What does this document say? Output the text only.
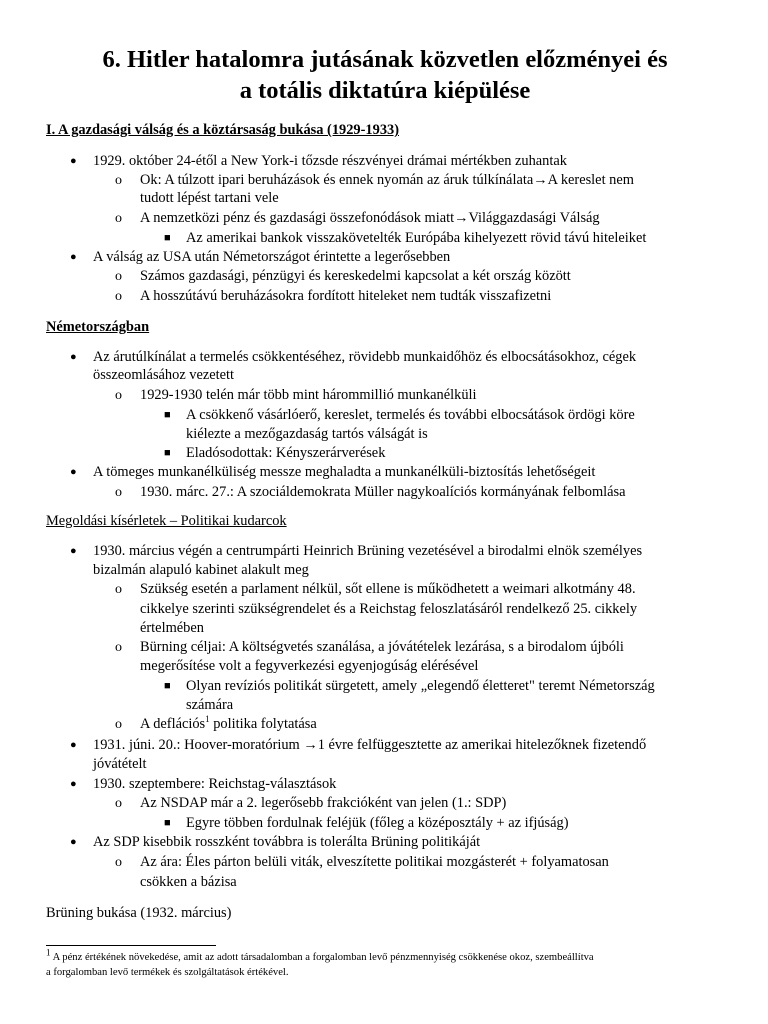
6. Hitler hatalomra jutásának közvetlen előzményei és
a totális diktatúra kiépülése
I. A gazdasági válság és a köztársaság bukása (1929-1933)
● 1929. október 24-étől a New York-i tőzsde részvényei drámai mértékben zuhantak
o Ok: A túlzott ipari beruházások és ennek nyomán az áruk túlkínálata→A kereslet nem
tudott lépést tartani vele
o A nemzetközi pénz és gazdasági összefonódások miatt→Világgazdasági Válság
■ Az amerikai bankok visszakövetelték Európába kihelyezett rövid távú hiteleiket
● A válság az USA után Németországot érintette a legerősebben
o Számos gazdasági, pénzügyi és kereskedelmi kapcsolat a két ország között
o A hosszútávú beruházásokra fordított hiteleket nem tudták visszafizetni
Németországban
● Az árutúlkínálat a termelés csökkentéséhez, rövidebb munkaidőhöz és elbocsátásokhoz, cégek
összeomlásához vezetett
o 1929-1930 telén már több mint hárommillió munkanélküli
■ A csökkenő vásárlóerő, kereslet, termelés és további elbocsátások ördögi köre
kiélezte a mezőgazdaság tartós válságát is
■ Eladósodottak: Kényszerárverések
● A tömeges munkanélküliség messze meghaladta a munkanélküli-biztosítás lehetőségeit
o 1930. márc. 27.: A szociáldemokrata Müller nagykoalíciós kormányának felbomlása
Megoldási kísérletek – Politikai kudarcok
● 1930. március végén a centrumpárti Heinrich Brüning vezetésével a birodalmi elnök személyes
bizalmán alapuló kabinet alakult meg
o Szükség esetén a parlament nélkül, sőt ellene is működhetett a weimari alkotmány 48.
cikkelye szerinti szükségrendelet és a Reichstag feloszlatásáról rendelkező 25. cikkely
értelmében
o Bürning céljai: A költségvetés szanálása, a jóvátételek lezárása, s a birodalom újbóli
megerősítése volt a fegyverkezési egyenjogúság elérésével
■ Olyan revíziós politikát sürgetett, amely „elegendő életteret" teremt Németország
számára
o A deflációs$^1$ politika folytatása
● 1931. júni. 20.: Hoover-moratórium →1 évre felfüggesztette az amerikai hitelezőknek fizetendő
jóvátételt
● 1930. szeptembere: Reichstag-választások
o Az NSDAP már a 2. legerősebb frakcióként van jelen (1.: SDP)
■ Egyre többen fordulnak feléjük (főleg a középosztály + az ifjúság)
● Az SDP kisebbik rosszként továbbra is tolerálta Brüning politikáját
o Az ára: Éles párton belüli viták, elveszítette politikai mozgásterét + folyamatosan
csökken a bázisa
Brüning bukása (1932. március)
$^1$ A pénz értékének növekedése, amit az adott társadalomban a forgalomban levő pénzmennyiség csökkenése okoz, szembeállítva
a forgalomban levő termékek és szolgáltatások értékével.
